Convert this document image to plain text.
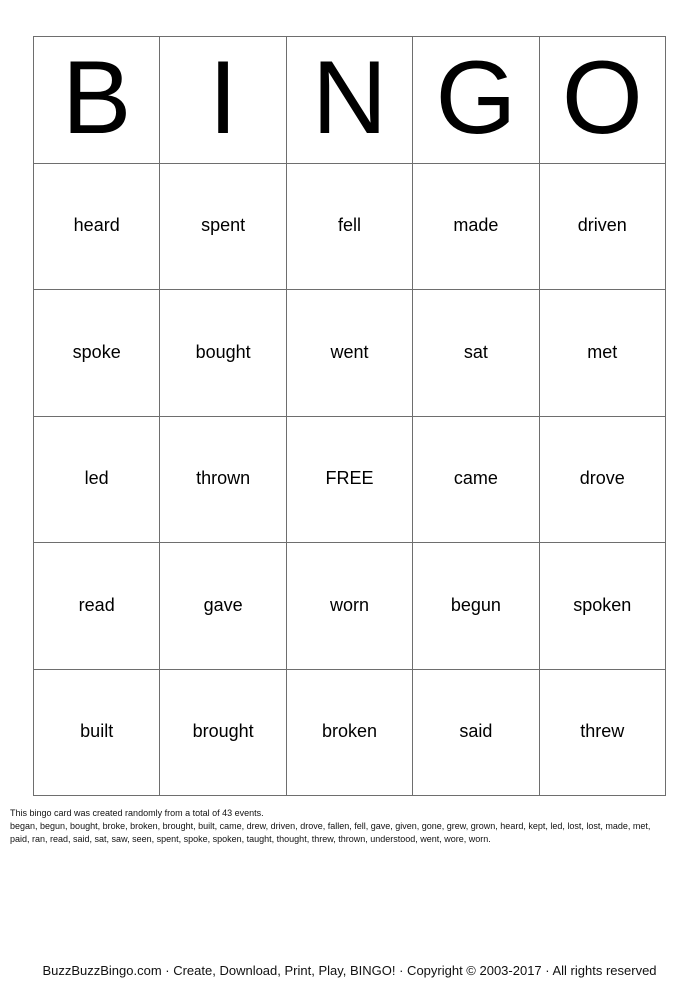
B I N G O
heard	spent	fell	made	driven
spoke	bought	went	sat	met
led	thrown	FREE	came	drove
read	gave	worn	begun	spoken
built	brought	broken	said	threw

This bingo card was created randomly from a total of 43 events.

began, begun, bought, broke, broken, brought, built, came, drew, driven, drove, fallen, fell, gave, given, gone, grew, grown, heard, kept, led, lost, lost, made, met,

paid, ran, read, said, sat, saw, seen, spent, spoke, spoken, taught, thought, threw, thrown, understood, went, wore, worn.

BuzzBuzzBingo.com · Create, Download, Print, Play, BINGO! · Copyright © 2003-2017 · All rights reserved
